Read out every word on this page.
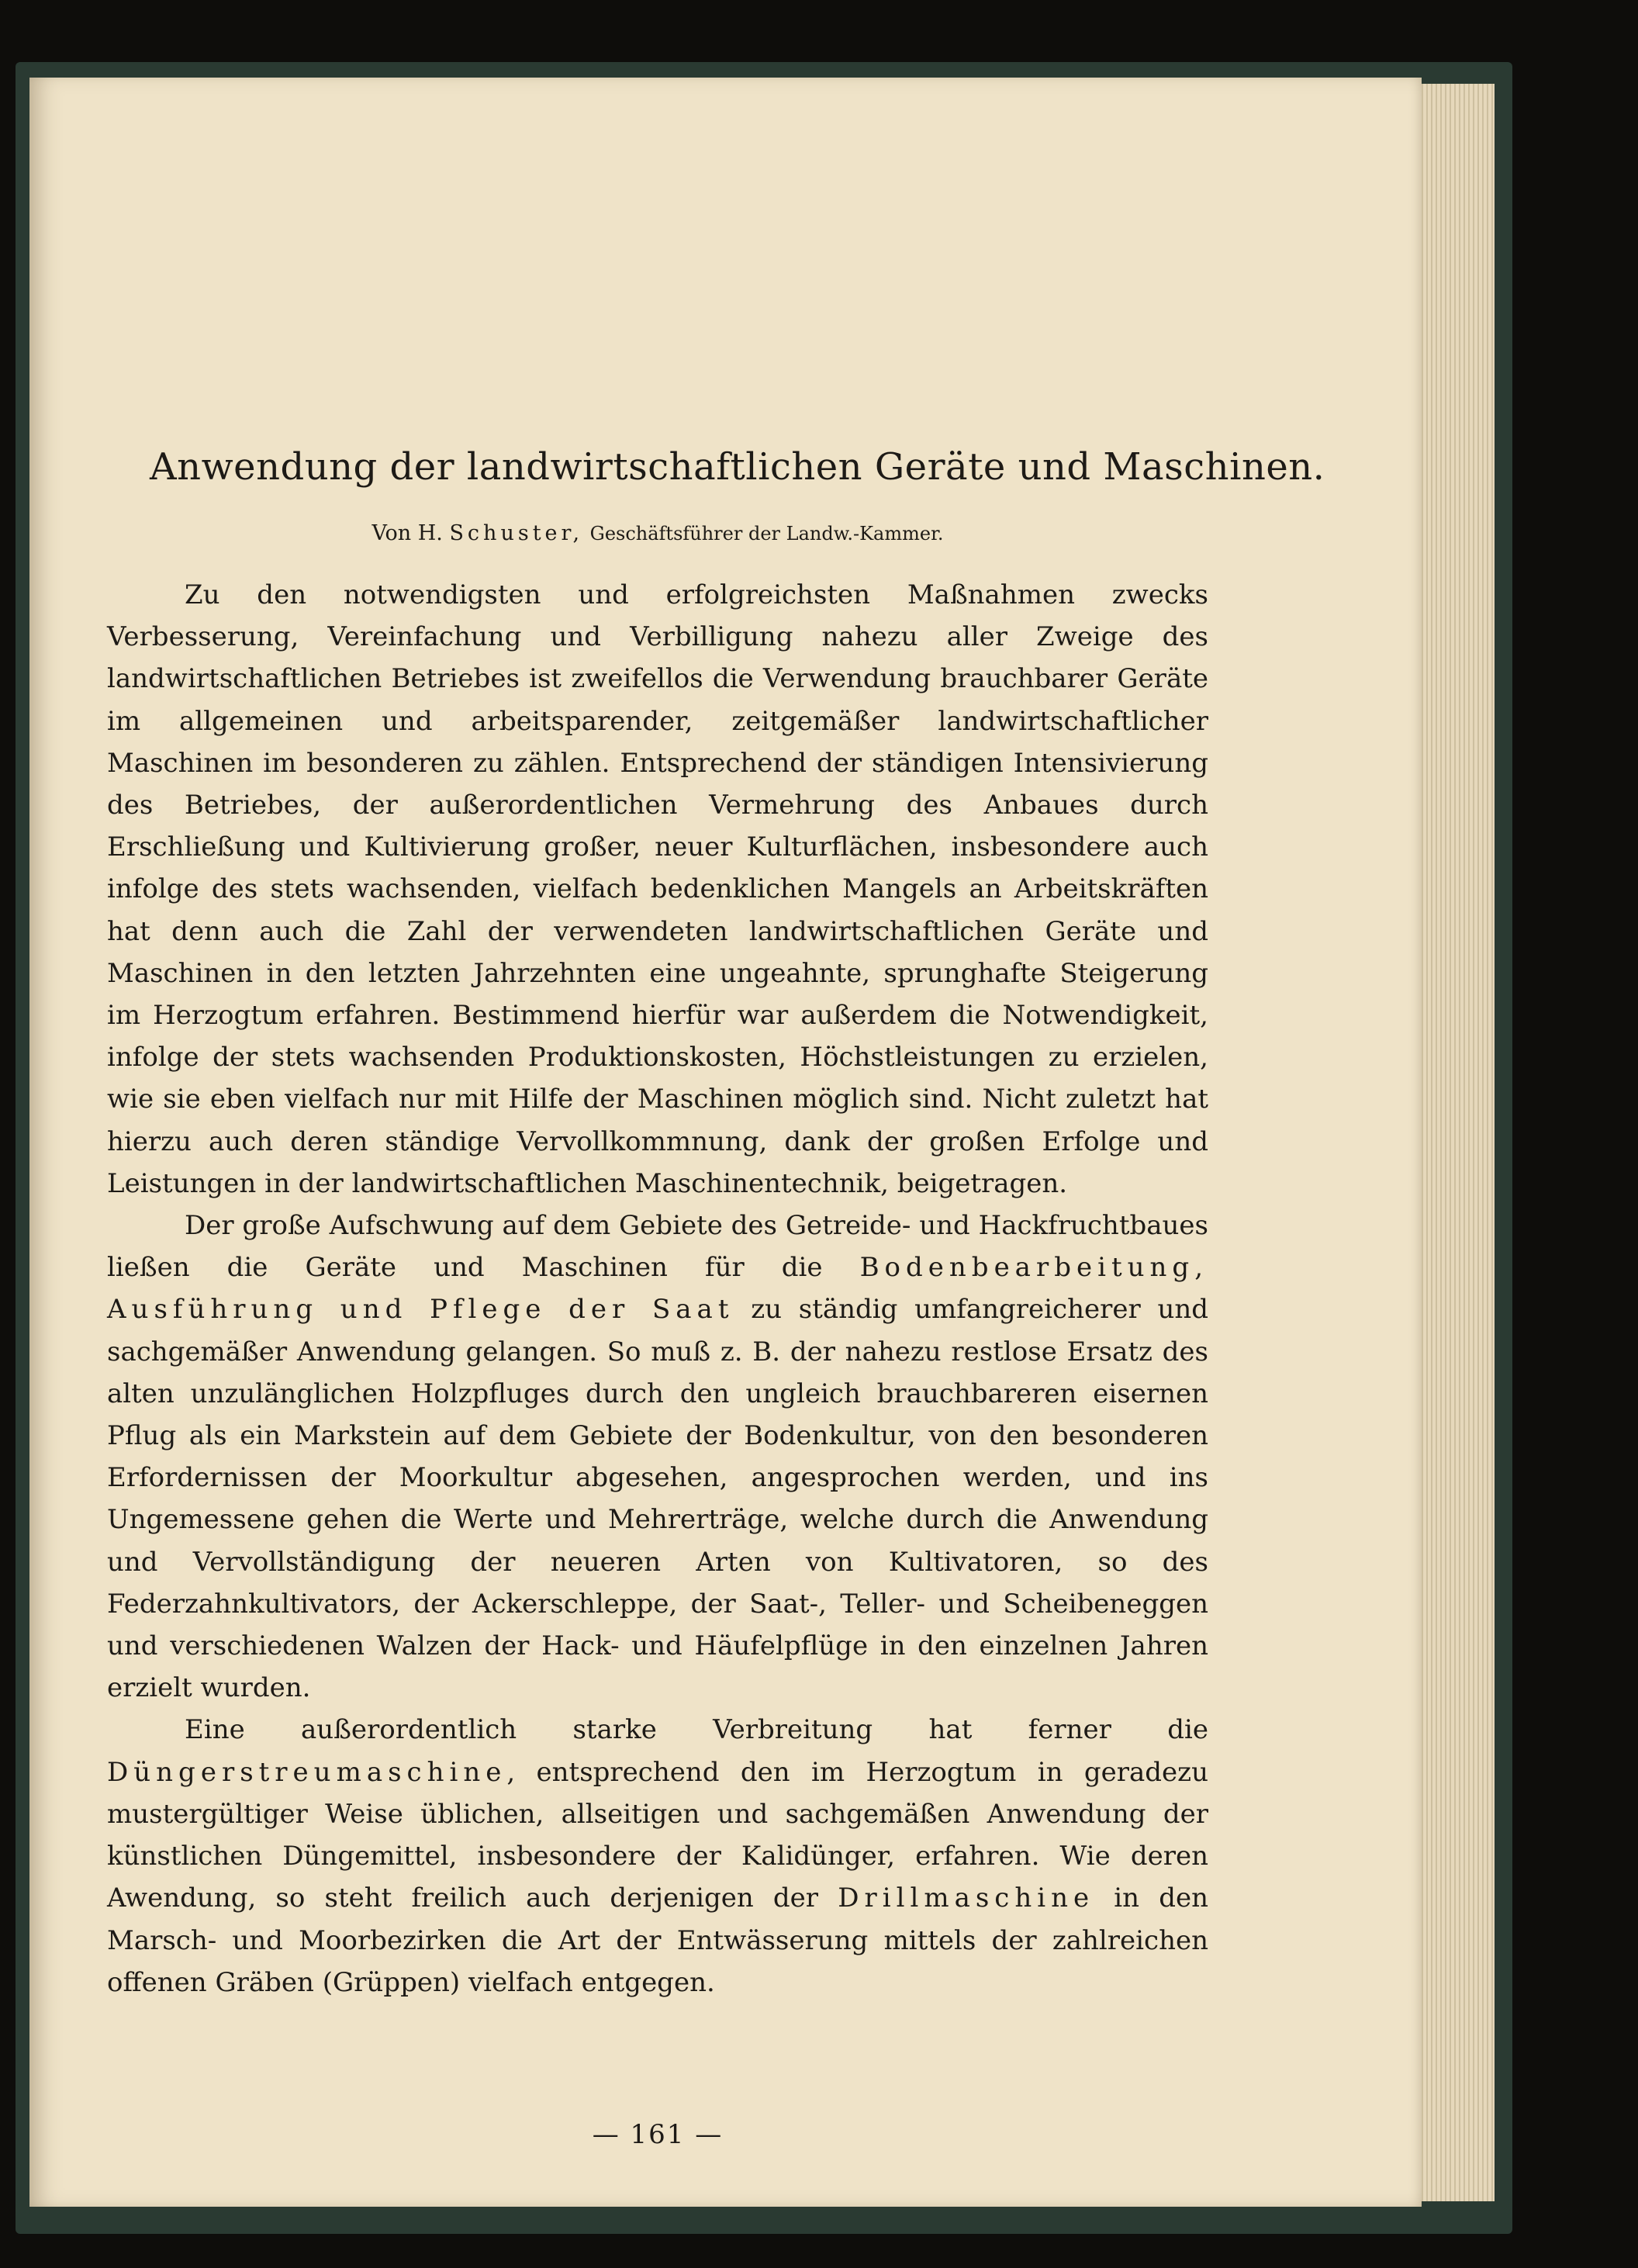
Anwendung der landwirtschaftlichen Geräte und Maschinen.
Von H. Schuster, Geschäftsführer der Landw.-Kammer.

Zu den notwendigsten und erfolgreichsten Maßnahmen zwecks Verbesserung, Vereinfachung und Verbilligung nahezu aller Zweige des landwirtschaftlichen Betriebes ist zweifellos die Verwendung brauchbarer Geräte im allgemeinen und arbeitsparender, zeitgemäßer landwirtschaftlicher Maschinen im besonderen zu zählen. Entsprechend der ständigen Intensivierung des Betriebes, der außerordentlichen Vermehrung des Anbaues durch Erschließung und Kultivierung großer, neuer Kulturflächen, insbesondere auch infolge des stets wachsenden, vielfach bedenklichen Mangels an Arbeitskräften hat denn auch die Zahl der verwendeten landwirtschaftlichen Geräte und Maschinen in den letzten Jahrzehnten eine ungeahnte, sprunghafte Steigerung im Herzogtum erfahren. Bestimmend hierfür war außerdem die Notwendigkeit, infolge der stets wachsenden Produktionskosten, Höchstleistungen zu erzielen, wie sie eben vielfach nur mit Hilfe der Maschinen möglich sind. Nicht zuletzt hat hierzu auch deren ständige Vervollkommnung, dank der großen Erfolge und Leistungen in der landwirtschaftlichen Maschinentechnik, beigetragen.

Der große Aufschwung auf dem Gebiete des Getreide- und Hackfruchtbaues ließen die Geräte und Maschinen für die Bodenbearbeitung, Ausführung und Pflege der Saat zu ständig umfangreicherer und sachgemäßer Anwendung gelangen. So muß z. B. der nahezu restlose Ersatz des alten unzulänglichen Holzpfluges durch den ungleich brauchbareren eisernen Pflug als ein Markstein auf dem Gebiete der Bodenkultur, von den besonderen Erfordernissen der Moorkultur abgesehen, angesprochen werden, und ins Ungemessene gehen die Werte und Mehrerträge, welche durch die Anwendung und Vervollständigung der neueren Arten von Kultivatoren, so des Federzahnkultivators, der Ackerschleppe, der Saat-, Teller- und Scheibeneggen und verschiedenen Walzen der Hack- und Häufelpflüge in den einzelnen Jahren erzielt wurden.

Eine außerordentlich starke Verbreitung hat ferner die Düngerstreumaschine, entsprechend den im Herzogtum in geradezu mustergültiger Weise üblichen, allseitigen und sachgemäßen Anwendung der künstlichen Düngemittel, insbesondere der Kalidünger, erfahren. Wie deren Awendung, so steht freilich auch derjenigen der Drillmaschine in den Marsch- und Moorbezirken die Art der Entwässerung mittels der zahlreichen offenen Gräben (Grüppen) vielfach entgegen.

— 161 —
